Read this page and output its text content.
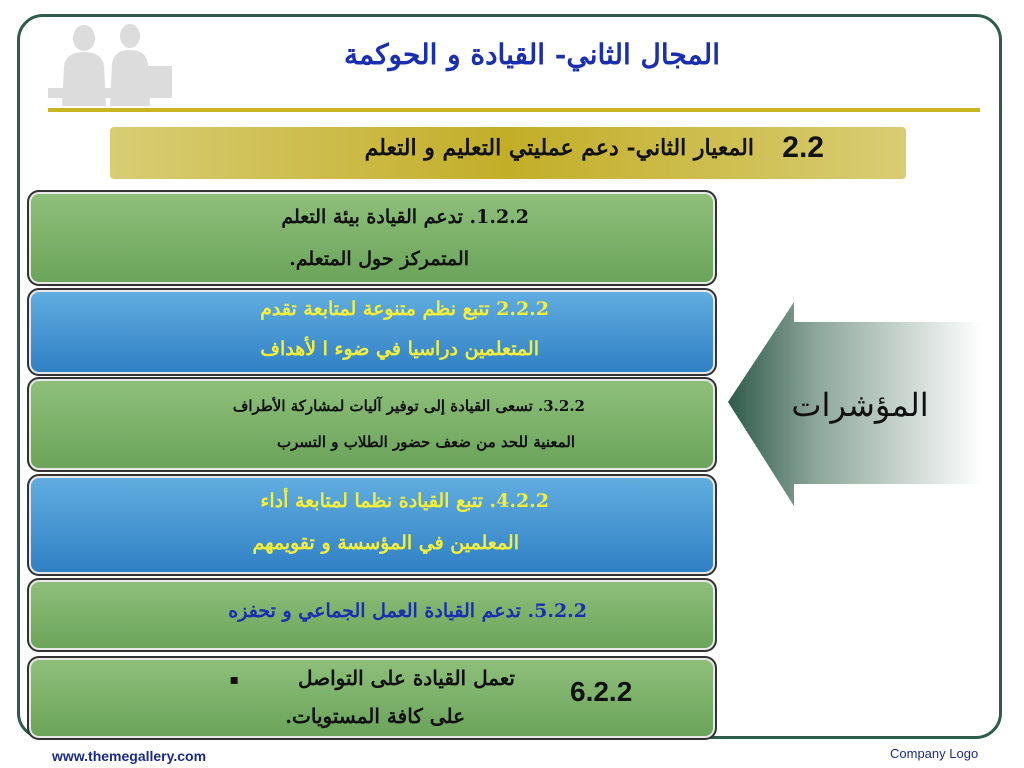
المجال الثاني- القيادة و الحوكمة
2.2
المعيار الثاني- دعم عمليتي التعليم و التعلم
1.2.2. تدعم القيادة بيئة التعلم
المتمركز حول المتعلم.
2.2.2 تتبع نظم متنوعة لمتابعة تقدم
المتعلمين دراسيا في ضوء ا لأهداف
3.2.2. تسعى القيادة إلى توفير آليات لمشاركة الأطراف
المعنية للحد من ضعف حضور الطلاب و التسرب
4.2.2. تتبع القيادة نظما لمتابعة أداء
المعلمين في المؤسسة و تقويمهم
5.2.2. تدعم القيادة العمل الجماعي و تحفزه
▪	تعمل القيادة على التواصل
على كافة المستويات.
6.2.2
المؤشرات
www.themegallery.com	Company Logo
